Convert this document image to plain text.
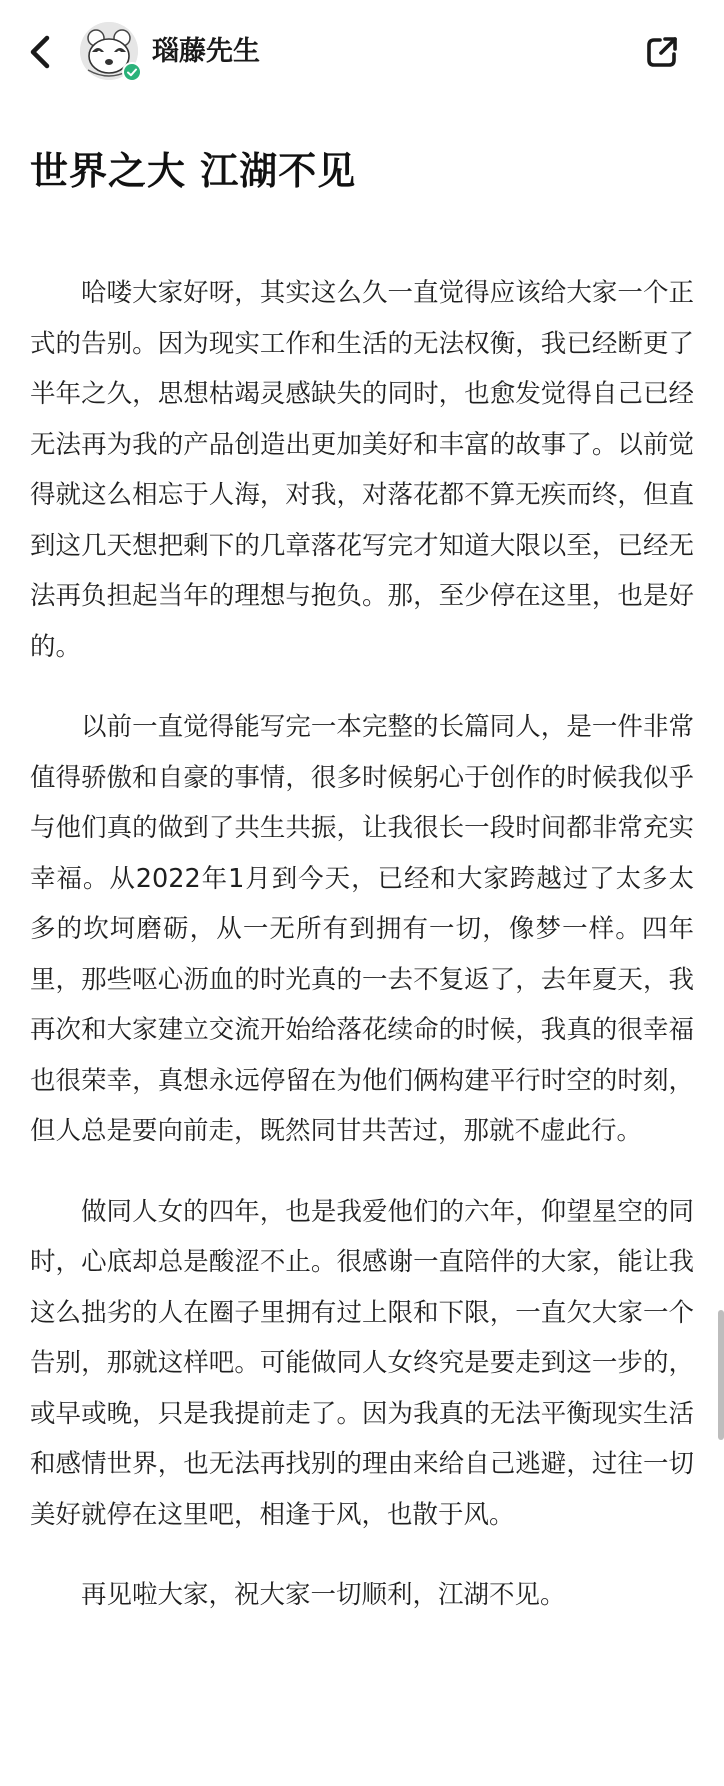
瑙藤先生
世界之大 江湖不见

哈喽大家好呀，其实这么久一直觉得应该给大家一个正式的告别。因为现实工作和生活的无法权衡，我已经断更了半年之久，思想枯竭灵感缺失的同时，也愈发觉得自己已经无法再为我的产品创造出更加美好和丰富的故事了。以前觉得就这么相忘于人海，对我，对落花都不算无疾而终，但直到这几天想把剩下的几章落花写完才知道大限以至，已经无法再负担起当年的理想与抱负。那，至少停在这里，也是好的。

以前一直觉得能写完一本完整的长篇同人，是一件非常值得骄傲和自豪的事情，很多时候躬心于创作的时候我似乎与他们真的做到了共生共振，让我很长一段时间都非常充实幸福。从2022年1月到今天，已经和大家跨越过了太多太多的坎坷磨砺，从一无所有到拥有一切，像梦一样。四年里，那些呕心沥血的时光真的一去不复返了，去年夏天，我再次和大家建立交流开始给落花续命的时候，我真的很幸福也很荣幸，真想永远停留在为他们俩构建平行时空的时刻，但人总是要向前走，既然同甘共苦过，那就不虚此行。

做同人女的四年，也是我爱他们的六年，仰望星空的同时，心底却总是酸涩不止。很感谢一直陪伴的大家，能让我这么拙劣的人在圈子里拥有过上限和下限，一直欠大家一个告别，那就这样吧。可能做同人女终究是要走到这一步的，或早或晚，只是我提前走了。因为我真的无法平衡现实生活和感情世界，也无法再找别的理由来给自己逃避，过往一切美好就停在这里吧，相逢于风，也散于风。

再见啦大家，祝大家一切顺利，江湖不见。
